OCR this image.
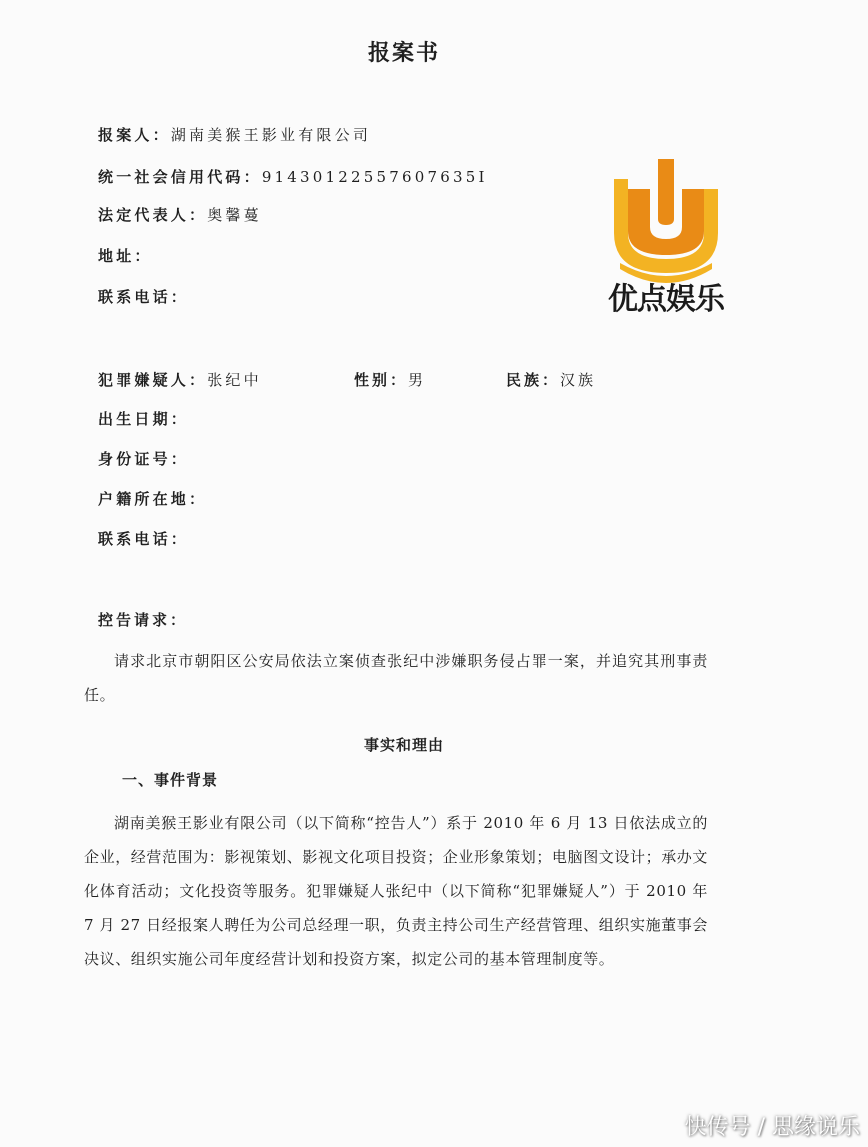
报案书
报案人：湖南美猴王影业有限公司
统一社会信用代码：91430122557607635I
法定代表人：奥馨蔓
地址：
联系电话：	优点娱乐
犯罪嫌疑人：张纪中	性别：男	民族：汉族
出生日期：
身份证号：
户籍所在地：
联系电话：
控告请求：
请求北京市朝阳区公安局依法立案侦查张纪中涉嫌职务侵占罪一案，并追究其刑事责任。
事实和理由
一、事件背景
湖南美猴王影业有限公司（以下简称“控告人”）系于 2010 年 6 月 13 日依法成立的企业，经营范围为：影视策划、影视文化项目投资；企业形象策划；电脑图文设计；承办文化体育活动；文化投资等服务。犯罪嫌疑人张纪中（以下简称“犯罪嫌疑人”）于 2010 年 7 月 27 日经报案人聘任为公司总经理一职，负责主持公司生产经营管理、组织实施董事会决议、组织实施公司年度经营计划和投资方案，拟定公司的基本管理制度等。
快传号 / 思缘说乐
